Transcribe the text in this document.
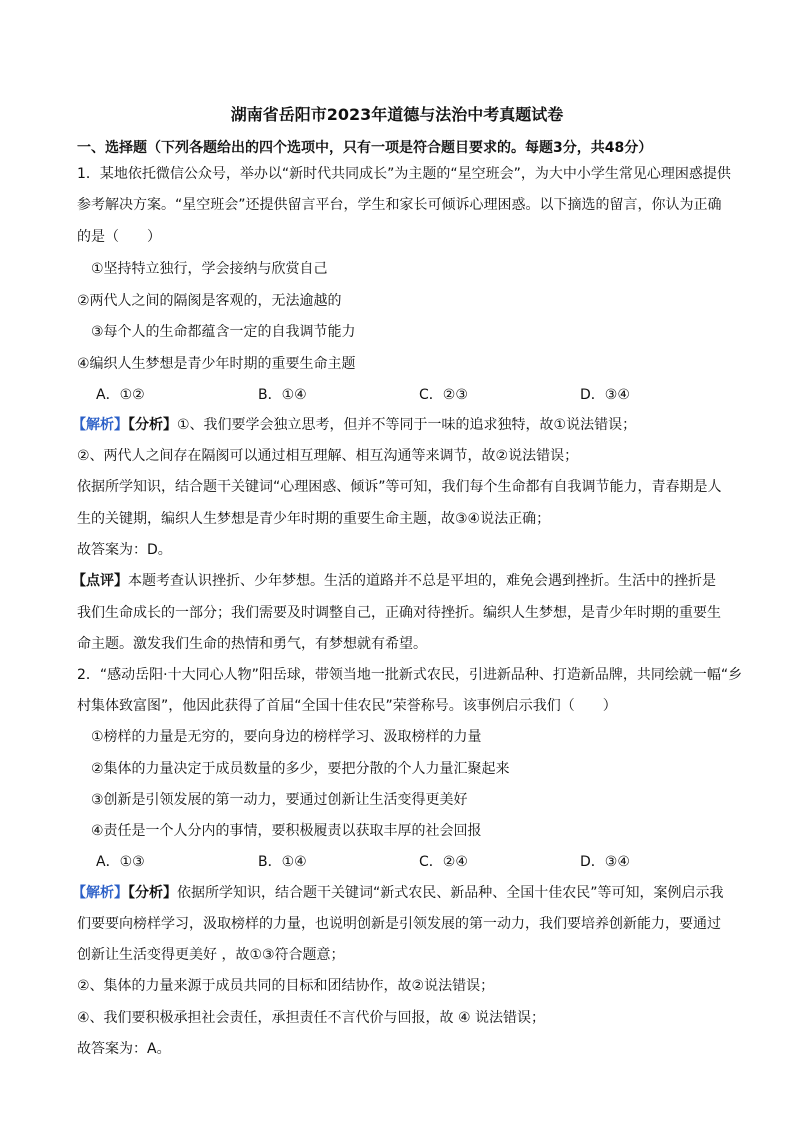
湖南省岳阳市2023年道德与法治中考真题试卷
一、选择题（下列各题给出的四个选项中，只有一项是符合题目要求的。每题3分，共48分）
1．某地依托微信公众号，举办以“新时代共同成长”为主题的“星空班会”，为大中小学生常见心理困惑提供
参考解决方案。“星空班会”还提供留言平台，学生和家长可倾诉心理困惑。以下摘选的留言，你认为正确
的是（　　）
①坚持特立独行，学会接纳与欣赏自己
②两代人之间的隔阂是客观的，无法逾越的
③每个人的生命都蕴含一定的自我调节能力
④编织人生梦想是青少年时期的重要生命主题
A．①②	B．①④	C．②③	D．③④
【解析】【分析】①、我们要学会独立思考，但并不等同于一味的追求独特，故①说法错误；
②、两代人之间存在隔阂可以通过相互理解、相互沟通等来调节，故②说法错误；
依据所学知识，结合题干关键词“心理困惑、倾诉”等可知，我们每个生命都有自我调节能力，青春期是人
生的关键期，编织人生梦想是青少年时期的重要生命主题，故③④说法正确；
故答案为：D。
【点评】本题考查认识挫折、少年梦想。生活的道路并不总是平坦的，难免会遇到挫折。生活中的挫折是
我们生命成长的一部分；我们需要及时调整自己，正确对待挫折。编织人生梦想，是青少年时期的重要生
命主题。激发我们生命的热情和勇气，有梦想就有希望。
2．“感动岳阳·十大同心人物”阳岳球，带领当地一批新式农民，引进新品种、打造新品牌，共同绘就一幅“乡
村集体致富图”，他因此获得了首届“全国十佳农民”荣誉称号。该事例启示我们（　　）
①榜样的力量是无穷的，要向身边的榜样学习、汲取榜样的力量
②集体的力量决定于成员数量的多少，要把分散的个人力量汇聚起来
③创新是引领发展的第一动力，要通过创新让生活变得更美好
④责任是一个人分内的事情，要积极履责以获取丰厚的社会回报
A．①③	B．①④	C．②④	D．③④
【解析】【分析】依据所学知识，结合题干关键词“新式农民、新品种、全国十佳农民”等可知，案例启示我
们要要向榜样学习，汲取榜样的力量，也说明创新是引领发展的第一动力，我们要培养创新能力，要通过
创新让生活变得更美好 ，故①③符合题意；
②、集体的力量来源于成员共同的目标和团结协作，故②说法错误；
④、我们要积极承担社会责任，承担责任不言代价与回报，故 ④ 说法错误；
故答案为：A。
